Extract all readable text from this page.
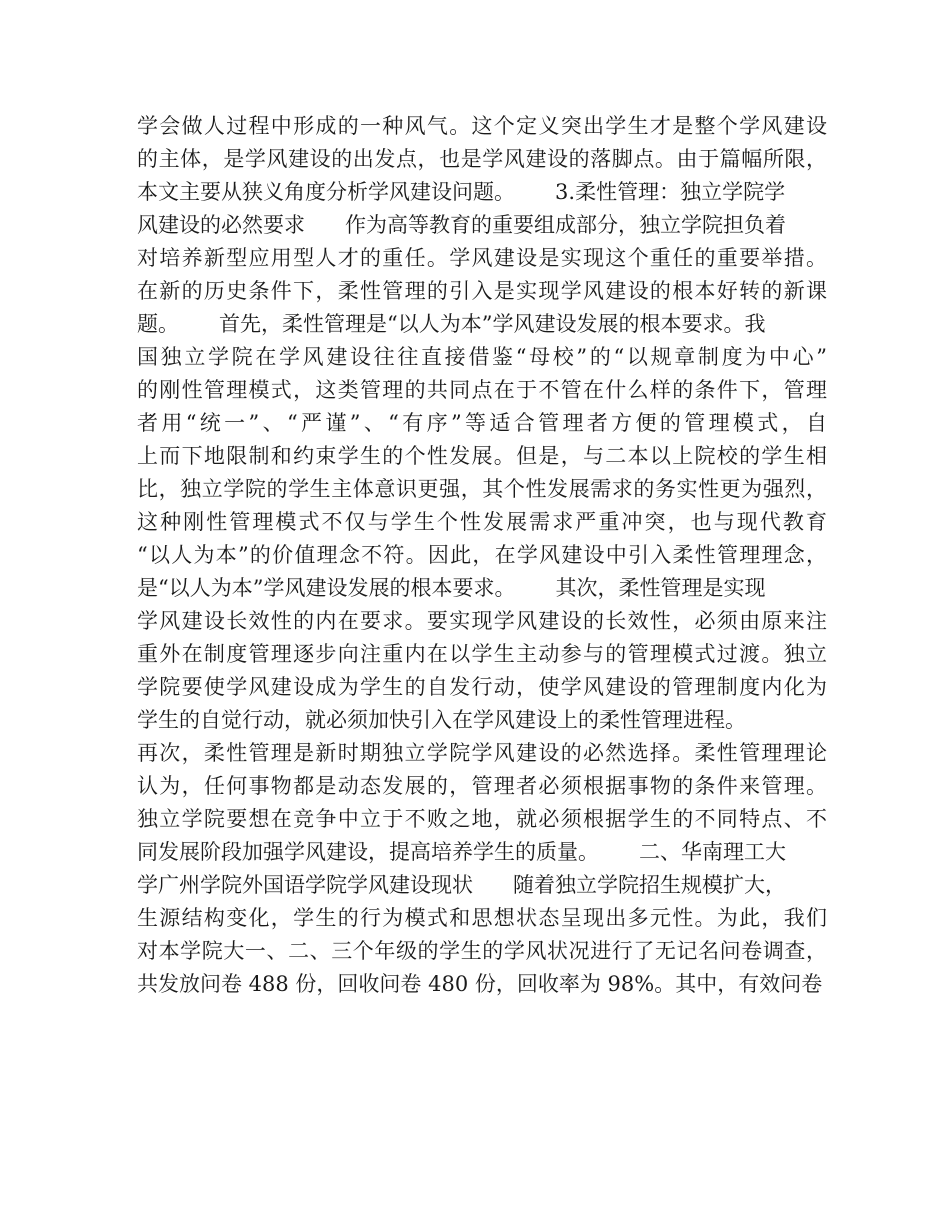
学会做人过程中形成的一种风气。这个定义突出学生才是整个学风建设
的主体，是学风建设的出发点，也是学风建设的落脚点。由于篇幅所限，
本文主要从狭义角度分析学风建设问题。      3.柔性管理：独立学院学
风建设的必然要求      作为高等教育的重要组成部分，独立学院担负着
对培养新型应用型人才的重任。学风建设是实现这个重任的重要举措。
在新的历史条件下，柔性管理的引入是实现学风建设的根本好转的新课
题。      首先，柔性管理是“以人为本”学风建设发展的根本要求。我
国独立学院在学风建设往往直接借鉴“母校”的“以规章制度为中心”
的刚性管理模式，这类管理的共同点在于不管在什么样的条件下，管理
者用“统一”、“严谨”、“有序”等适合管理者方便的管理模式，自
上而下地限制和约束学生的个性发展。但是，与二本以上院校的学生相
比，独立学院的学生主体意识更强，其个性发展需求的务实性更为强烈，
这种刚性管理模式不仅与学生个性发展需求严重冲突，也与现代教育
“以人为本”的价值理念不符。因此，在学风建设中引入柔性管理理念，
是“以人为本”学风建设发展的根本要求。      其次，柔性管理是实现
学风建设长效性的内在要求。要实现学风建设的长效性，必须由原来注
重外在制度管理逐步向注重内在以学生主动参与的管理模式过渡。独立
学院要使学风建设成为学生的自发行动，使学风建设的管理制度内化为
学生的自觉行动，就必须加快引入在学风建设上的柔性管理进程。
再次，柔性管理是新时期独立学院学风建设的必然选择。柔性管理理论
认为，任何事物都是动态发展的，管理者必须根据事物的条件来管理。
独立学院要想在竞争中立于不败之地，就必须根据学生的不同特点、不
同发展阶段加强学风建设，提高培养学生的质量。      二、华南理工大
学广州学院外国语学院学风建设现状      随着独立学院招生规模扩大，
生源结构变化，学生的行为模式和思想状态呈现出多元性。为此，我们
对本学院大一、二、三个年级的学生的学风状况进行了无记名问卷调查，
共发放问卷 488 份，回收问卷 480 份，回收率为 98%。其中，有效问卷
